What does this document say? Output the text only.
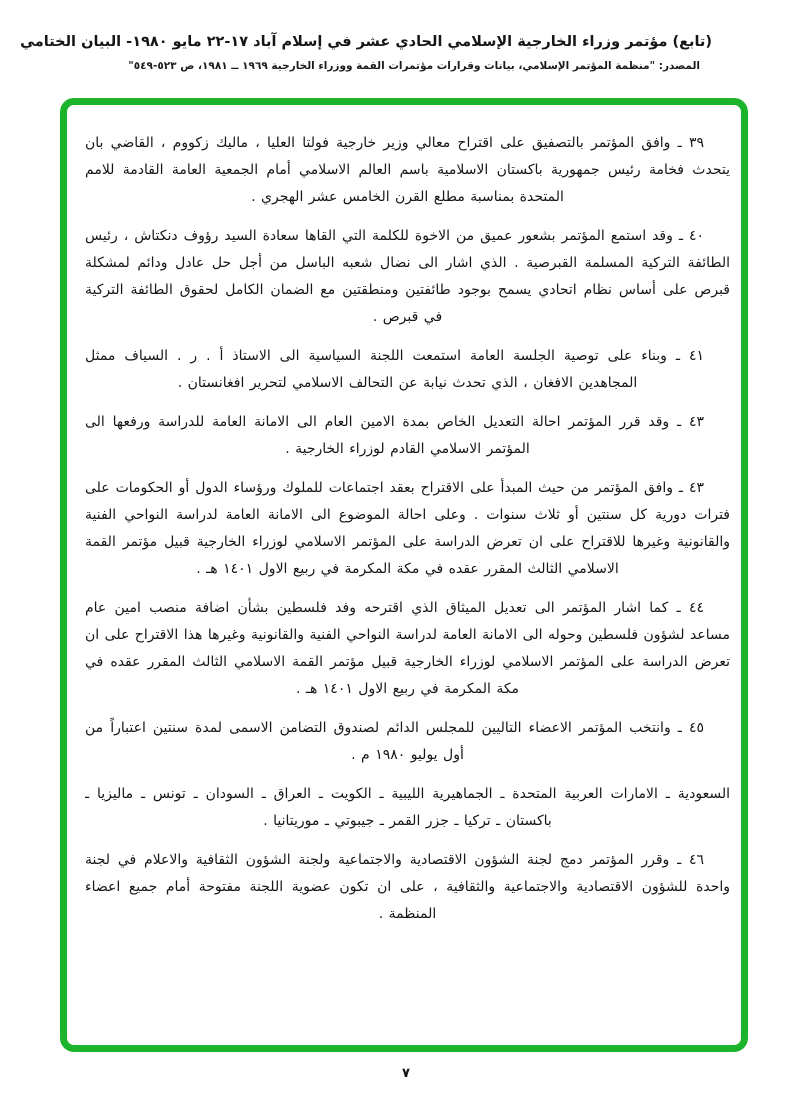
(تابع) مؤتمر وزراء الخارجية الإسلامي الحادي عشر في إسلام آباد ١٧-٢٢ مايو ١٩٨٠- البيان الختامي
المصدر: "منظمة المؤتمر الإسلامي، بيانات وقرارات مؤتمرات القمة ووزراء الخارجية ١٩٦٩ ــ ١٩٨١، ص ٥٢٣-٥٤٩"

٣٩ ـ وافق المؤتمر بالتصفيق على اقتراح معالي وزير خارجية فولتا العليا ، ماليك زكووم ، القاضي بان يتحدث فخامة رئيس جمهورية باكستان الاسلامية باسم العالم الاسلامي أمام الجمعية العامة القادمة للامم المتحدة بمناسبة مطلع القرن الخامس عشر الهجري .

٤٠ ـ وقد استمع المؤتمر بشعور عميق من الاخوة للكلمة التي القاها سعادة السيد رؤوف دنكتاش ، رئيس الطائفة التركية المسلمة القبرصية . الذي اشار الى نضال شعبه الباسل من أجل حل عادل ودائم لمشكلة قبرص على أساس نظام اتحادي يسمح بوجود طائفتين ومنطقتين مع الضمان الكامل لحقوق الطائفة التركية في قبرص .

٤١ ـ وبناء على توصية الجلسة العامة استمعت اللجنة السياسية الى الاستاذ أ . ر . السياف ممثل المجاهدين الافغان ، الذي تحدث نيابة عن التحالف الاسلامي لتحرير افغانستان .

٤٣ ـ وقد قرر المؤتمر احالة التعديل الخاص بمدة الامين العام الى الامانة العامة للدراسة ورفعها الى المؤتمر الاسلامي القادم لوزراء الخارجية .

٤٣ ـ وافق المؤتمر من حيث المبدأ على الاقتراح بعقد اجتماعات للملوك ورؤساء الدول أو الحكومات على فترات دورية كل سنتين أو ثلاث سنوات . وعلى احالة الموضوع الى الامانة العامة لدراسة النواحي الفنية والقانونية وغيرها للاقتراح على ان تعرض الدراسة على المؤتمر الاسلامي لوزراء الخارجية قبيل مؤتمر القمة الاسلامي الثالث المقرر عقده في مكة المكرمة في ربيع الاول ١٤٠١ هـ .

٤٤ ـ كما اشار المؤتمر الى تعديل الميثاق الذي اقترحه وفد فلسطين بشأن اضافة منصب امين عام مساعد لشؤون فلسطين وحوله الى الامانة العامة لدراسة النواحي الفنية والقانونية وغيرها هذا الاقتراح على ان تعرض الدراسة على المؤتمر الاسلامي لوزراء الخارجية قبيل مؤتمر القمة الاسلامي الثالث المقرر عقده في مكة المكرمة في ربيع الاول ١٤٠١ هـ .

٤٥ ـ وانتخب المؤتمر الاعضاء التاليين للمجلس الدائم لصندوق التضامن الاسمى لمدة سنتين اعتباراً من أول يوليو ١٩٨٠ م .

السعودية ـ الامارات العربية المتحدة ـ الجماهيرية الليبية ـ الكويت ـ العراق ـ السودان ـ تونس ـ ماليزيا ـ باكستان ـ تركيا ـ جزر القمر ـ جيبوتي ـ موريتانيا .

٤٦ ـ وقرر المؤتمر دمج لجنة الشؤون الاقتصادية والاجتماعية ولجنة الشؤون الثقافية والاعلام في لجنة واحدة للشؤون الاقتصادية والاجتماعية والثقافية ، على ان تكون عضوية اللجنة مفتوحة أمام جميع اعضاء المنظمة .

٧
